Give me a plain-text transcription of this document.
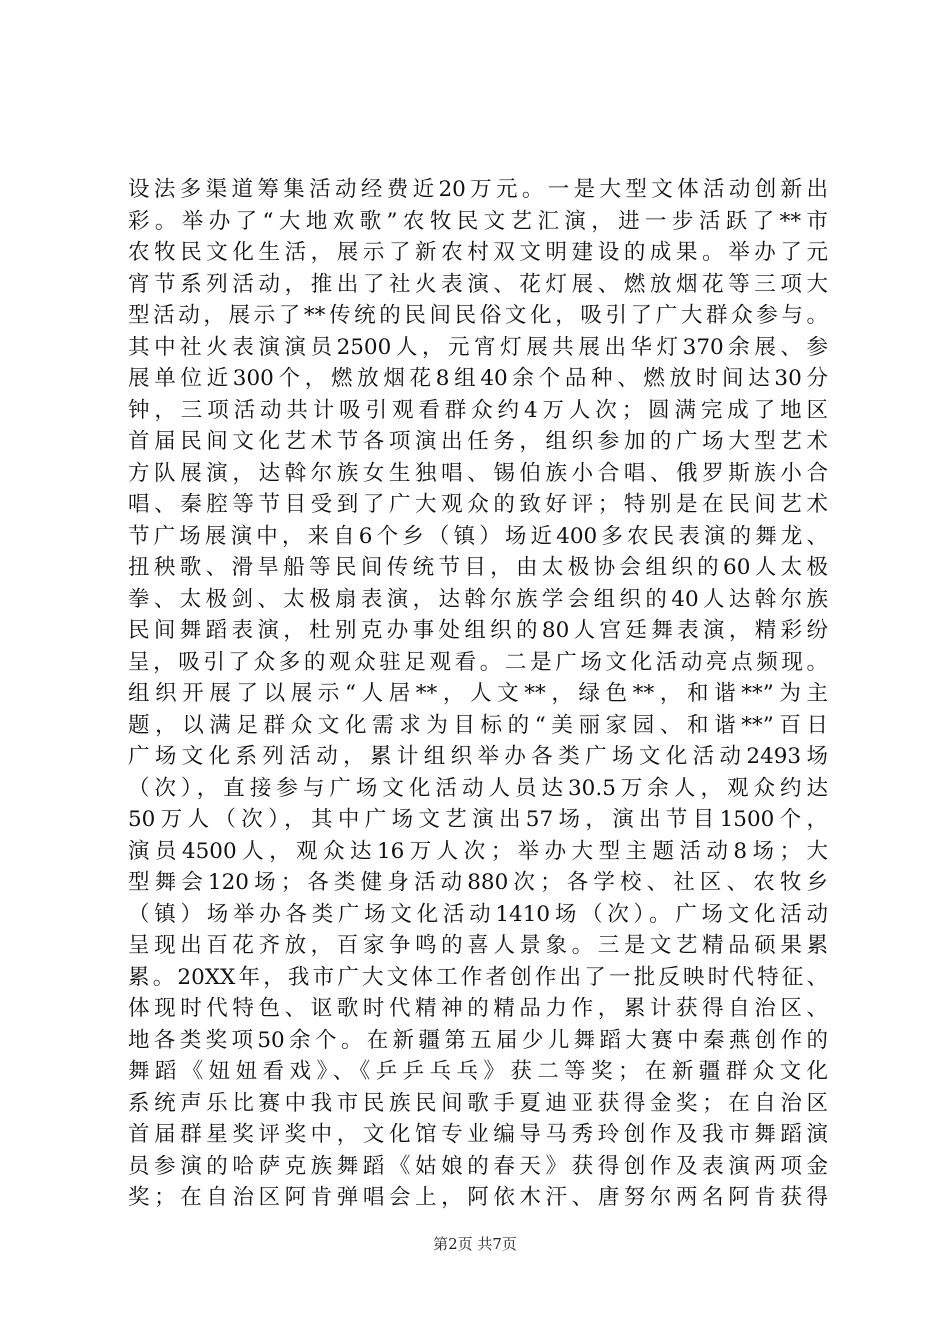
设法多渠道筹集活动经费近20万元。一是大型文体活动创新出
彩。举办了“大地欢歌”农牧民文艺汇演，进一步活跃了**市
农牧民文化生活，展示了新农村双文明建设的成果。举办了元
宵节系列活动，推出了社火表演、花灯展、燃放烟花等三项大
型活动，展示了**传统的民间民俗文化，吸引了广大群众参与。
其中社火表演演员2500人，元宵灯展共展出华灯370余展、参
展单位近300个，燃放烟花8组40余个品种、燃放时间达30分
钟，三项活动共计吸引观看群众约4万人次；圆满完成了地区
首届民间文化艺术节各项演出任务，组织参加的广场大型艺术
方队展演，达斡尔族女生独唱、锡伯族小合唱、俄罗斯族小合
唱、秦腔等节目受到了广大观众的致好评；特别是在民间艺术
节广场展演中，来自6个乡（镇）场近400多农民表演的舞龙、
扭秧歌、滑旱船等民间传统节目，由太极协会组织的60人太极
拳、太极剑、太极扇表演，达斡尔族学会组织的40人达斡尔族
民间舞蹈表演，杜别克办事处组织的80人宫廷舞表演，精彩纷
呈，吸引了众多的观众驻足观看。二是广场文化活动亮点频现。
组织开展了以展示“人居**，人文**，绿色**，和谐**”为主
题，以满足群众文化需求为目标的“美丽家园、和谐**”百日
广场文化系列活动，累计组织举办各类广场文化活动2493场
（次），直接参与广场文化活动人员达30.5万余人，观众约达
50万人（次），其中广场文艺演出57场，演出节目1500个，
演员4500人，观众达16万人次；举办大型主题活动8场；大
型舞会120场；各类健身活动880次；各学校、社区、农牧乡
（镇）场举办各类广场文化活动1410场（次）。广场文化活动
呈现出百花齐放，百家争鸣的喜人景象。三是文艺精品硕果累
累。20XX年，我市广大文体工作者创作出了一批反映时代特征、
体现时代特色、讴歌时代精神的精品力作，累计获得自治区、
地各类奖项50余个。在新疆第五届少儿舞蹈大赛中秦燕创作的
舞蹈《妞妞看戏》、《乒乒乓乓》获二等奖；在新疆群众文化
系统声乐比赛中我市民族民间歌手夏迪亚获得金奖；在自治区
首届群星奖评奖中，文化馆专业编导马秀玲创作及我市舞蹈演
员参演的哈萨克族舞蹈《姑娘的春天》获得创作及表演两项金
奖；在自治区阿肯弹唱会上，阿依木汗、唐努尔两名阿肯获得
第2页 共7页
